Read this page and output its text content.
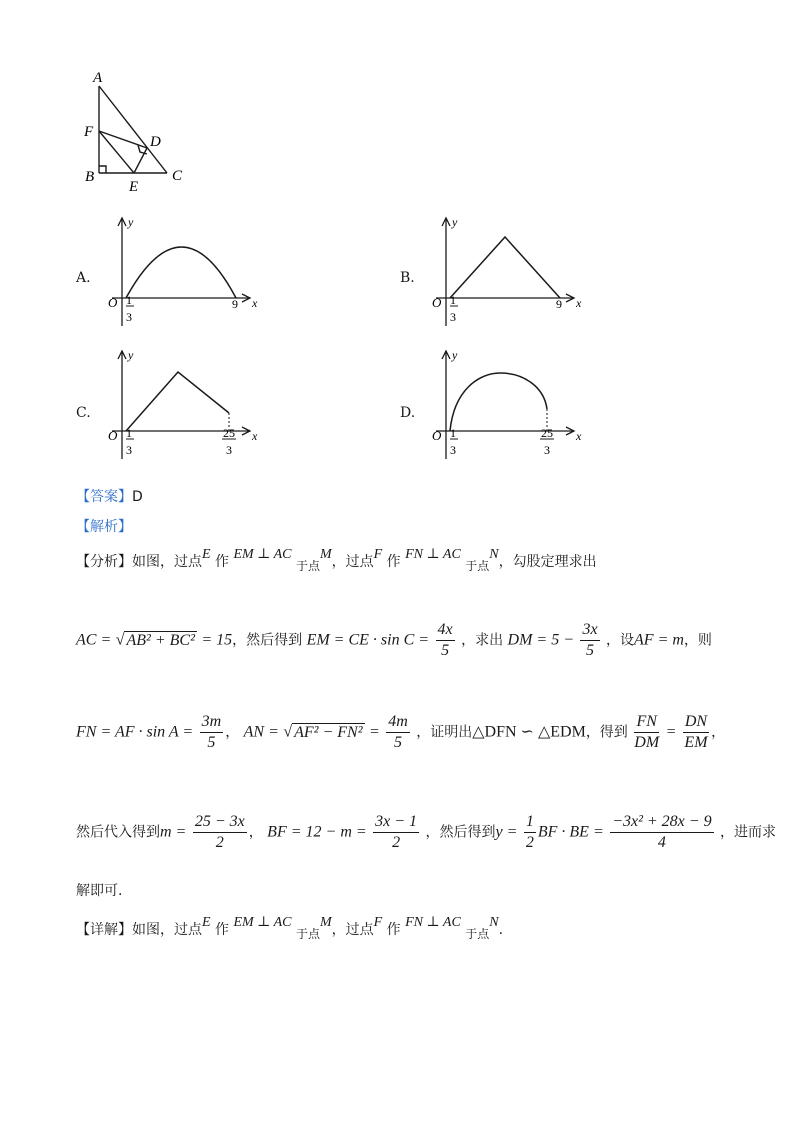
A
F
D
B
E
C
A.
y
x
O 1
3
9
B.
y
x
O 1
3
9
C.
y
x
O 1
3
25
3
D.
y
x
O 1
3
25
3
【答案】D
【解析】
【分析】如图，过点E 作 EM ⊥ AC 于点M，过点F 作 FN ⊥ AC 于点N，勾股定理求出
AC = √ AB² + BC² = 15，然后得到 EM = CE · $\sin C = \frac{4x}{5}$ ，求出 DM = $5 - \frac{3x}{5}$ ，设AF = m，则
FN = AF · $\sin A = \frac{3m}{5}$ ， AN = √ $AF^2 - FN^2 = \frac{4m}{5}$ ，证明出△DFN ∽ △EDM，得到 $\frac{FN}{DM} = \frac{DN}{EM}$ ，
然后代入得到$m = \frac{25 - 3x}{2}$ ， BF = $12 - m = \frac{3x - 1}{2}$ ，然后得到$y = \frac{1}{2}$ BF · BE = $\frac{\text{−3x² + 28x − 9}}{4}$ ，进而求
解即可.
【详解】如图，过点E 作 EM ⊥ AC 于点M，过点F 作 FN ⊥ AC 于点N.
